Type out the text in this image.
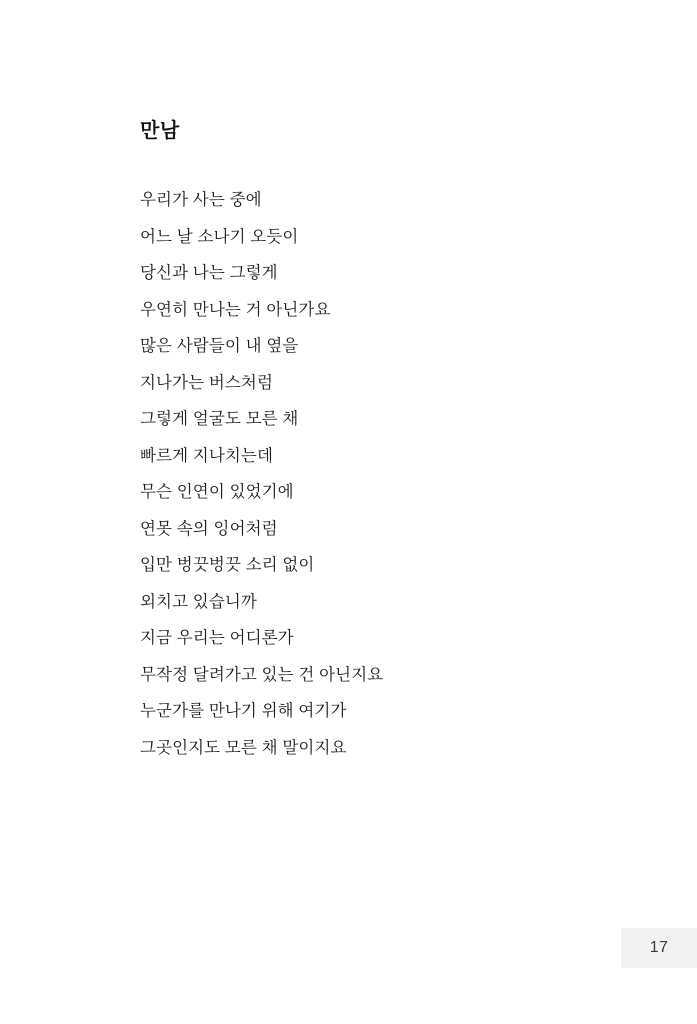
만남
우리가 사는 중에
어느 날 소나기 오듯이
당신과 나는 그렇게
우연히 만나는 거 아닌가요
많은 사람들이 내 옆을
지나가는 버스처럼
그렇게 얼굴도 모른 채
빠르게 지나치는데
무슨 인연이 있었기에
연못 속의 잉어처럼
입만 벙끗벙끗 소리 없이
외치고 있습니까
지금 우리는 어디론가
무작정 달려가고 있는 건 아닌지요
누군가를 만나기 위해 여기가
그곳인지도 모른 채 말이지요
17
